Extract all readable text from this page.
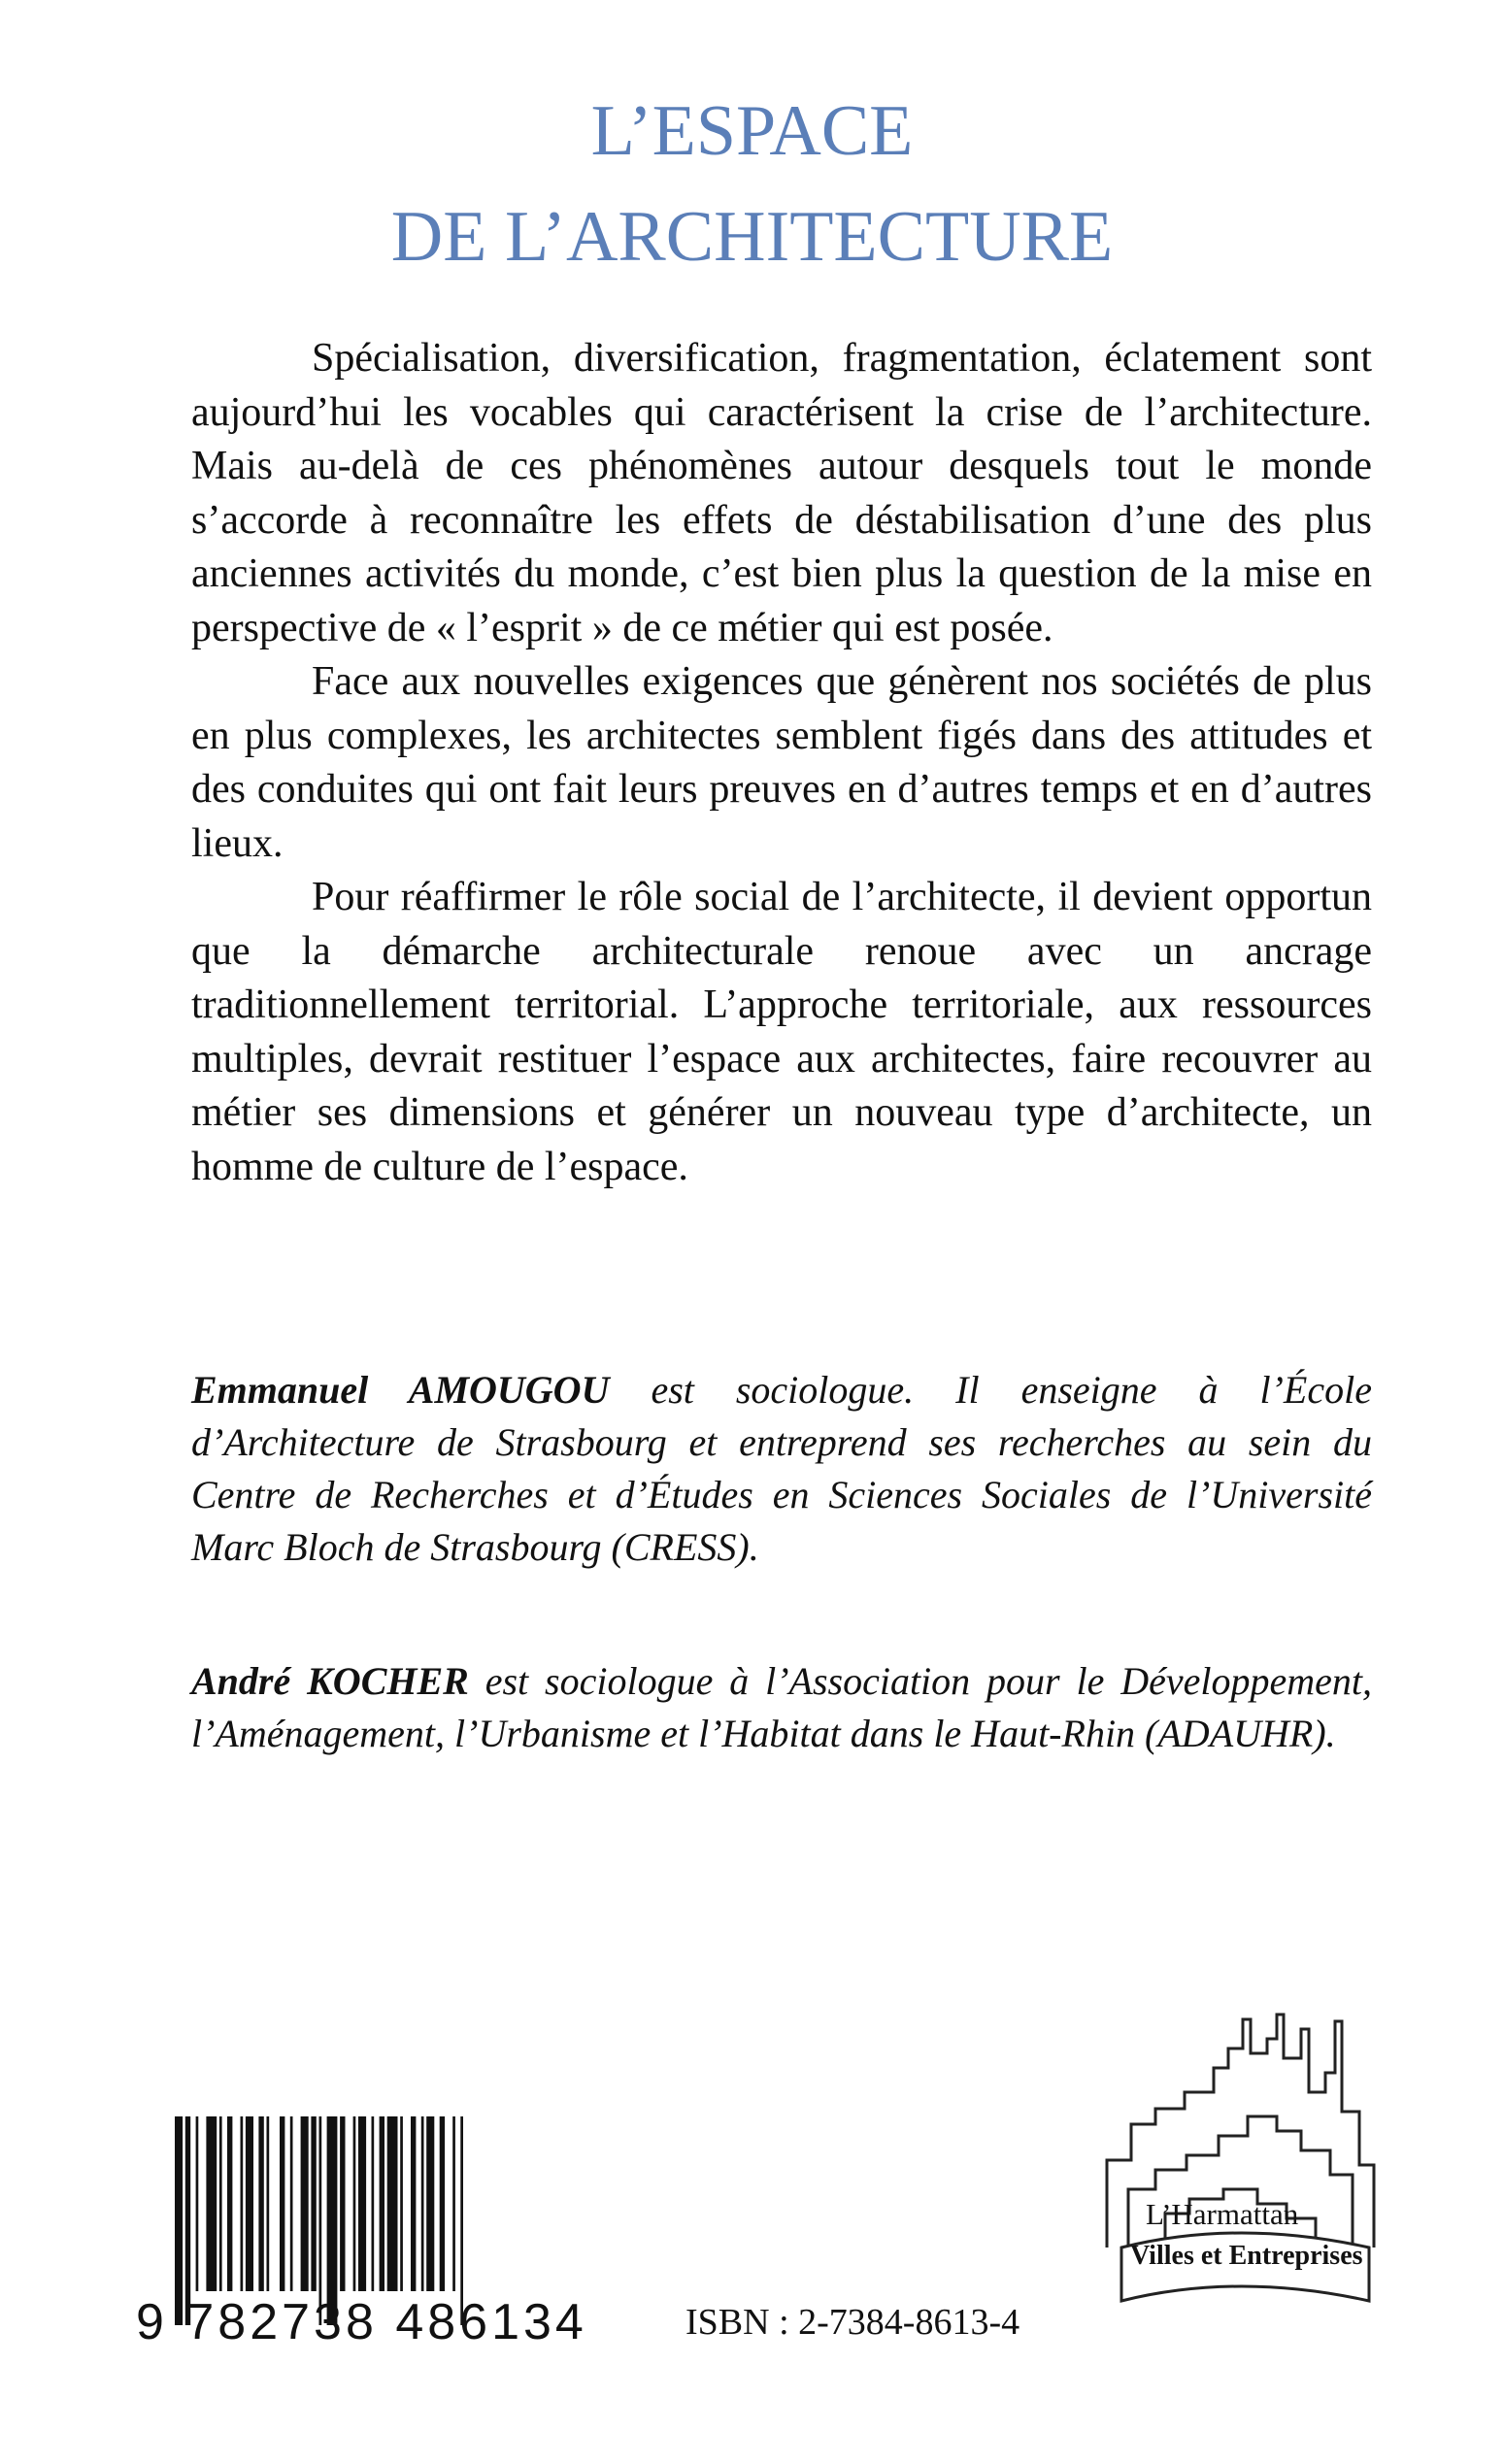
L’ESPACE
DE L’ARCHITECTURE

Spécialisation, diversification, fragmentation, éclatement sont aujourd’hui les vocables qui caractérisent la crise de l’architecture. Mais au-delà de ces phénomènes autour desquels tout le monde s’accorde à reconnaître les effets de déstabilisation d’une des plus anciennes activités du monde, c’est bien plus la question de la mise en perspective de « l’esprit » de ce métier qui est posée.

Face aux nouvelles exigences que génèrent nos sociétés de plus en plus complexes, les architectes semblent figés dans des attitudes et des conduites qui ont fait leurs preuves en d’autres temps et en d’autres lieux.

Pour réaffirmer le rôle social de l’architecte, il devient opportun que la démarche architecturale renoue avec un ancrage traditionnellement territorial. L’approche territoriale, aux ressources multiples, devrait restituer l’espace aux architectes, faire recouvrer au métier ses dimensions et générer un nouveau type d’architecte, un homme de culture de l’espace.

Emmanuel AMOUGOU est sociologue. Il enseigne à l’École d’Architecture de Strasbourg et entreprend ses recherches au sein du Centre de Recherches et d’Études en Sciences Sociales de l’Université Marc Bloch de Strasbourg (CRESS).
André KOCHER est sociologue à l’Association pour le Développement, l’Aménagement, l’Urbanisme et l’Habitat dans le Haut-Rhin (ADAUHR).
9 782738 486134	ISBN : 2-7384-8613-4
L’Harmattan
Villes et Entreprises
